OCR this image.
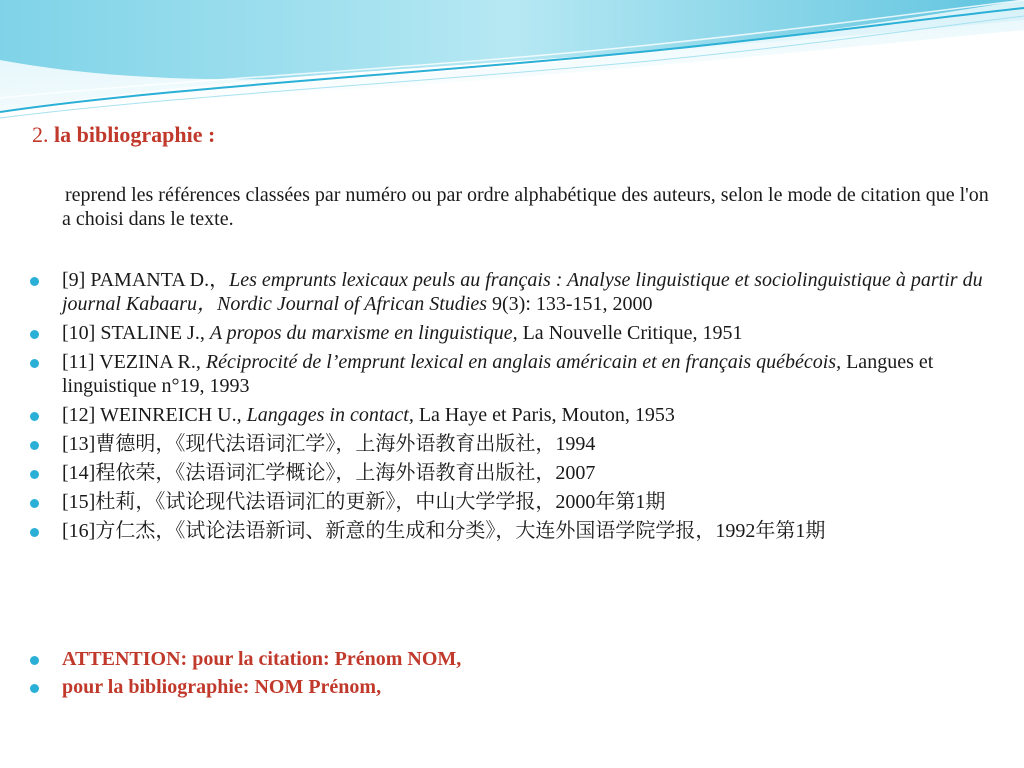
2. la bibliographie :

reprend les références classées par numéro ou par ordre alphabétique des auteurs, selon le mode de citation que l'on a choisi dans le texte.

[9] PAMANTA D.，Les emprunts lexicaux peuls au français : Analyse linguistique et sociolinguistique à partir du journal Kabaaru，Nordic Journal of African Studies 9(3): 133-151, 2000
[10] STALINE J., A propos du marxisme en linguistique, La Nouvelle Critique, 1951
[11] VEZINA R., Réciprocité de l’emprunt lexical en anglais américain et en français québécois, Langues et linguistique n°19, 1993
[12] WEINREICH U., Langages in contact, La Haye et Paris, Mouton, 1953
[13]曹德明，《现代法语词汇学》，上海外语教育出版社，1994
[14]程依荣，《法语词汇学概论》，上海外语教育出版社，2007
[15]杜莉，《试论现代法语词汇的更新》，中山大学学报，2000年第1期
[16]方仁杰，《试论法语新词、新意的生成和分类》，大连外国语学院学报，1992年第1期
ATTENTION: pour la citation: Prénom NOM,
pour la bibliographie: NOM Prénom,
